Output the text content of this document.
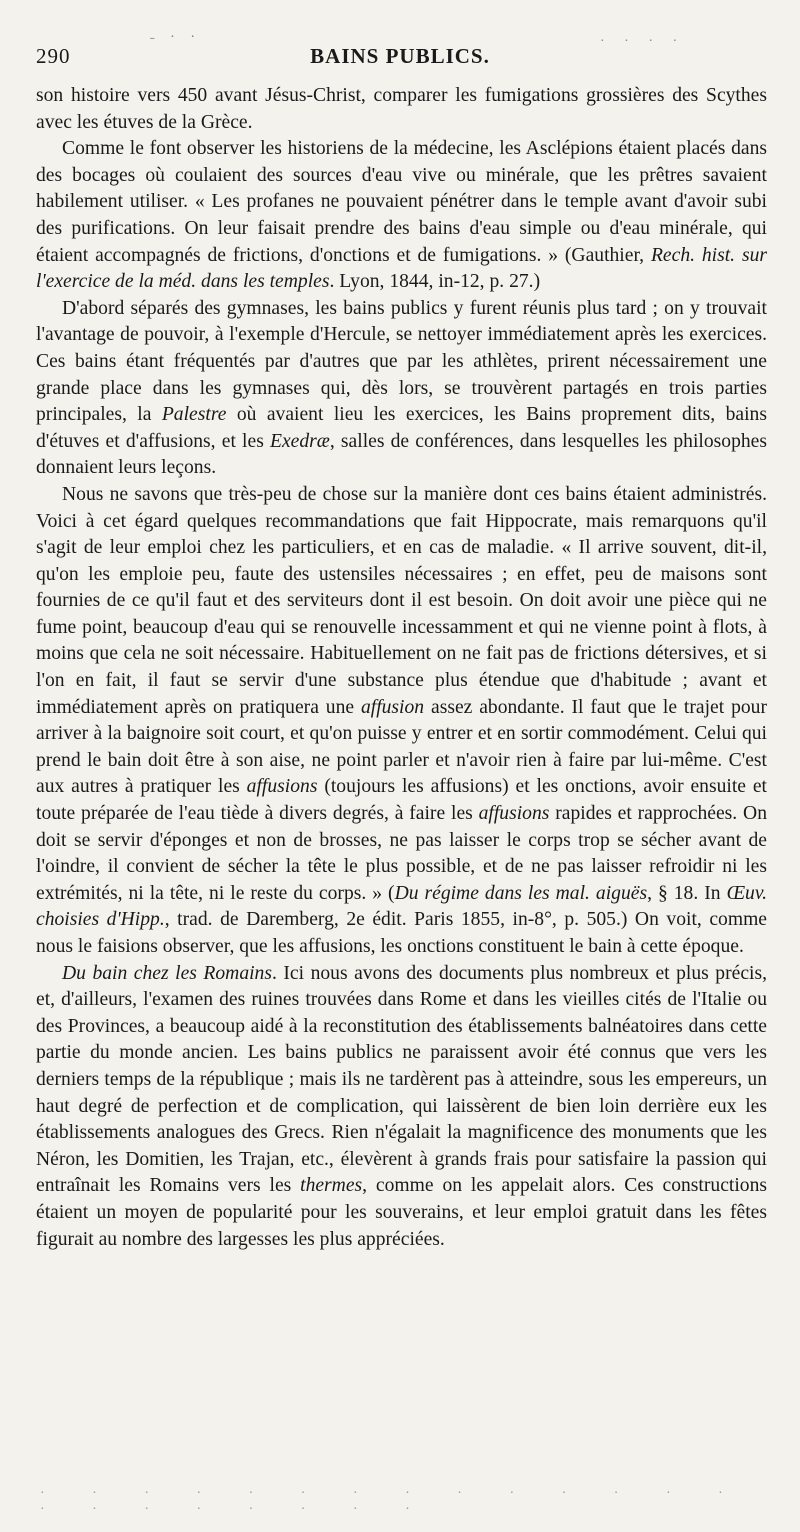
˗ · ·	· · · ·
290	BAINS PUBLICS.

son histoire vers 450 avant Jésus-Christ, comparer les fumigations grossières des Scythes avec les étuves de la Grèce.

Comme le font observer les historiens de la médecine, les Asclépions étaient placés dans des bocages où coulaient des sources d'eau vive ou minérale, que les prêtres savaient habilement utiliser. « Les profanes ne pouvaient pénétrer dans le temple avant d'avoir subi des purifications. On leur faisait prendre des bains d'eau simple ou d'eau minérale, qui étaient accompagnés de frictions, d'onctions et de fumigations. » (Gauthier, Rech. hist. sur l'exercice de la méd. dans les temples. Lyon, 1844, in-12, p. 27.)

D'abord séparés des gymnases, les bains publics y furent réunis plus tard ; on y trouvait l'avantage de pouvoir, à l'exemple d'Hercule, se nettoyer immédiatement après les exercices. Ces bains étant fréquentés par d'autres que par les athlètes, prirent nécessairement une grande place dans les gymnases qui, dès lors, se trouvèrent partagés en trois parties principales, la Palestre où avaient lieu les exercices, les Bains proprement dits, bains d'étuves et d'affusions, et les Exedræ, salles de conférences, dans lesquelles les philosophes donnaient leurs leçons.

Nous ne savons que très-peu de chose sur la manière dont ces bains étaient administrés. Voici à cet égard quelques recommandations que fait Hippocrate, mais remarquons qu'il s'agit de leur emploi chez les particuliers, et en cas de maladie. « Il arrive souvent, dit-il, qu'on les emploie peu, faute des ustensiles nécessaires ; en effet, peu de maisons sont fournies de ce qu'il faut et des serviteurs dont il est besoin. On doit avoir une pièce qui ne fume point, beaucoup d'eau qui se renouvelle incessamment et qui ne vienne point à flots, à moins que cela ne soit nécessaire. Habituellement on ne fait pas de frictions détersives, et si l'on en fait, il faut se servir d'une substance plus étendue que d'habitude ; avant et immédiatement après on pratiquera une affusion assez abondante. Il faut que le trajet pour arriver à la baignoire soit court, et qu'on puisse y entrer et en sortir commodément. Celui qui prend le bain doit être à son aise, ne point parler et n'avoir rien à faire par lui-même. C'est aux autres à pratiquer les affusions (toujours les affusions) et les onctions, avoir ensuite et toute préparée de l'eau tiède à divers degrés, à faire les affusions rapides et rapprochées. On doit se servir d'éponges et non de brosses, ne pas laisser le corps trop se sécher avant de l'oindre, il convient de sécher la tête le plus possible, et de ne pas laisser refroidir ni les extrémités, ni la tête, ni le reste du corps. » (Du régime dans les mal. aiguës, § 18. In Œuv. choisies d'Hipp., trad. de Daremberg, 2e édit. Paris 1855, in-8°, p. 505.) On voit, comme nous le faisions observer, que les affusions, les onctions constituent le bain à cette époque.

Du bain chez les Romains. Ici nous avons des documents plus nombreux et plus précis, et, d'ailleurs, l'examen des ruines trouvées dans Rome et dans les vieilles cités de l'Italie ou des Provinces, a beaucoup aidé à la reconstitution des établissements balnéatoires dans cette partie du monde ancien. Les bains publics ne paraissent avoir été connus que vers les derniers temps de la république ; mais ils ne tardèrent pas à atteindre, sous les empereurs, un haut degré de perfection et de complication, qui laissèrent de bien loin derrière eux les établissements analogues des Grecs. Rien n'égalait la magnificence des monuments que les Néron, les Domitien, les Trajan, etc., élevèrent à grands frais pour satisfaire la passion qui entraînait les Romains vers les thermes, comme on les appelait alors. Ces constructions étaient un moyen de popularité pour les souverains, et leur emploi gratuit dans les fêtes figurait au nombre des largesses les plus appréciées.

· · · · · · · · · · · · · · · · · · · · · ·
